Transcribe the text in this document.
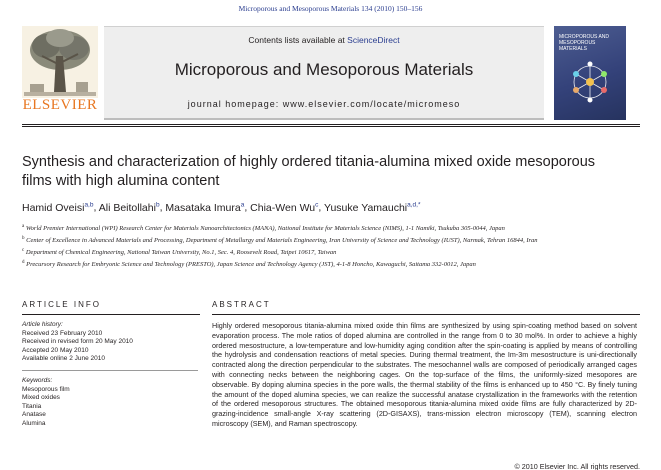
Microporous and Mesoporous Materials 134 (2010) 150–156
ELSEVIER
Contents lists available at ScienceDirect
Microporous and Mesoporous Materials
journal homepage: www.elsevier.com/locate/micromeso
MICROPOROUS AND MESOPOROUS MATERIALS
Synthesis and characterization of highly ordered titania-alumina mixed oxide mesoporous films with high alumina content
Hamid Oveisi$^{a,b}$, Ali Beitollahi$^b$, Masataka Imura$^a$, Chia-Wen Wu$^c$, Yusuke Yamauchi$^{a,d,*}$
$^a$ World Premier International (WPI) Research Center for Materials Nanoarchitectonics (MANA), National Institute for Materials Science (NIMS), 1-1 Namiki, Tsukuba 305-0044, Japan
$^b$ Center of Excellence in Advanced Materials and Processing, Department of Metallurgy and Materials Engineering, Iran University of Science and Technology (IUST), Narmak, Tehran 16844, Iran
$^c$ Department of Chemical Engineering, National Taiwan University, No.1, Sec. 4, Roosevelt Road, Taipei 10617, Taiwan
$^d$ Precursory Research for Embryonic Science and Technology (PRESTO), Japan Science and Technology Agency (JST), 4-1-8 Honcho, Kawaguchi, Saitama 332-0012, Japan
ARTICLE INFO	ABSTRACT
Article history:
Received 23 February 2010
Received in revised form 20 May 2010
Accepted 20 May 2010
Available online 2 June 2010
Keywords:
Mesoporous film
Mixed oxides
Titania
Anatase
Alumina
Highly ordered mesoporous titania-alumina mixed oxide thin films are synthesized by using spin-coating method based on solvent evaporation process. The mole ratios of doped alumina are controlled in the range from 0 to 30 mol%. In order to achieve a highly ordered mesostructure, a low-temperature and low-humidity aging condition after the spin-coating is applied by means of controlling the hydrolysis and condensation reactions of metal species. During thermal treatment, the Im-3m mesostructure is uni-directionally contracted along the direction perpendicular to the substrates. The mesochannel walls are composed of periodically arranged cages with connecting necks between the neighboring cages. On the top-surface of the films, the uniformly-sized mesopores are observable. By doping alumina species in the pore walls, the thermal stability of the films is enhanced up to 450 °C. By finely tuning the amount of the doped alumina species, we can realize the successful anatase crystallization in the frameworks with the retention of the ordered mesoporous structures. The obtained mesoporous titania-alumina mixed oxide films are fully characterized by 2D-grazing-incidence small-angle X-ray scattering (2D-GISAXS), trans-mission electron microscopy (TEM), scanning electron microscopy (SEM), and Raman spectroscopy.
© 2010 Elsevier Inc. All rights reserved.
